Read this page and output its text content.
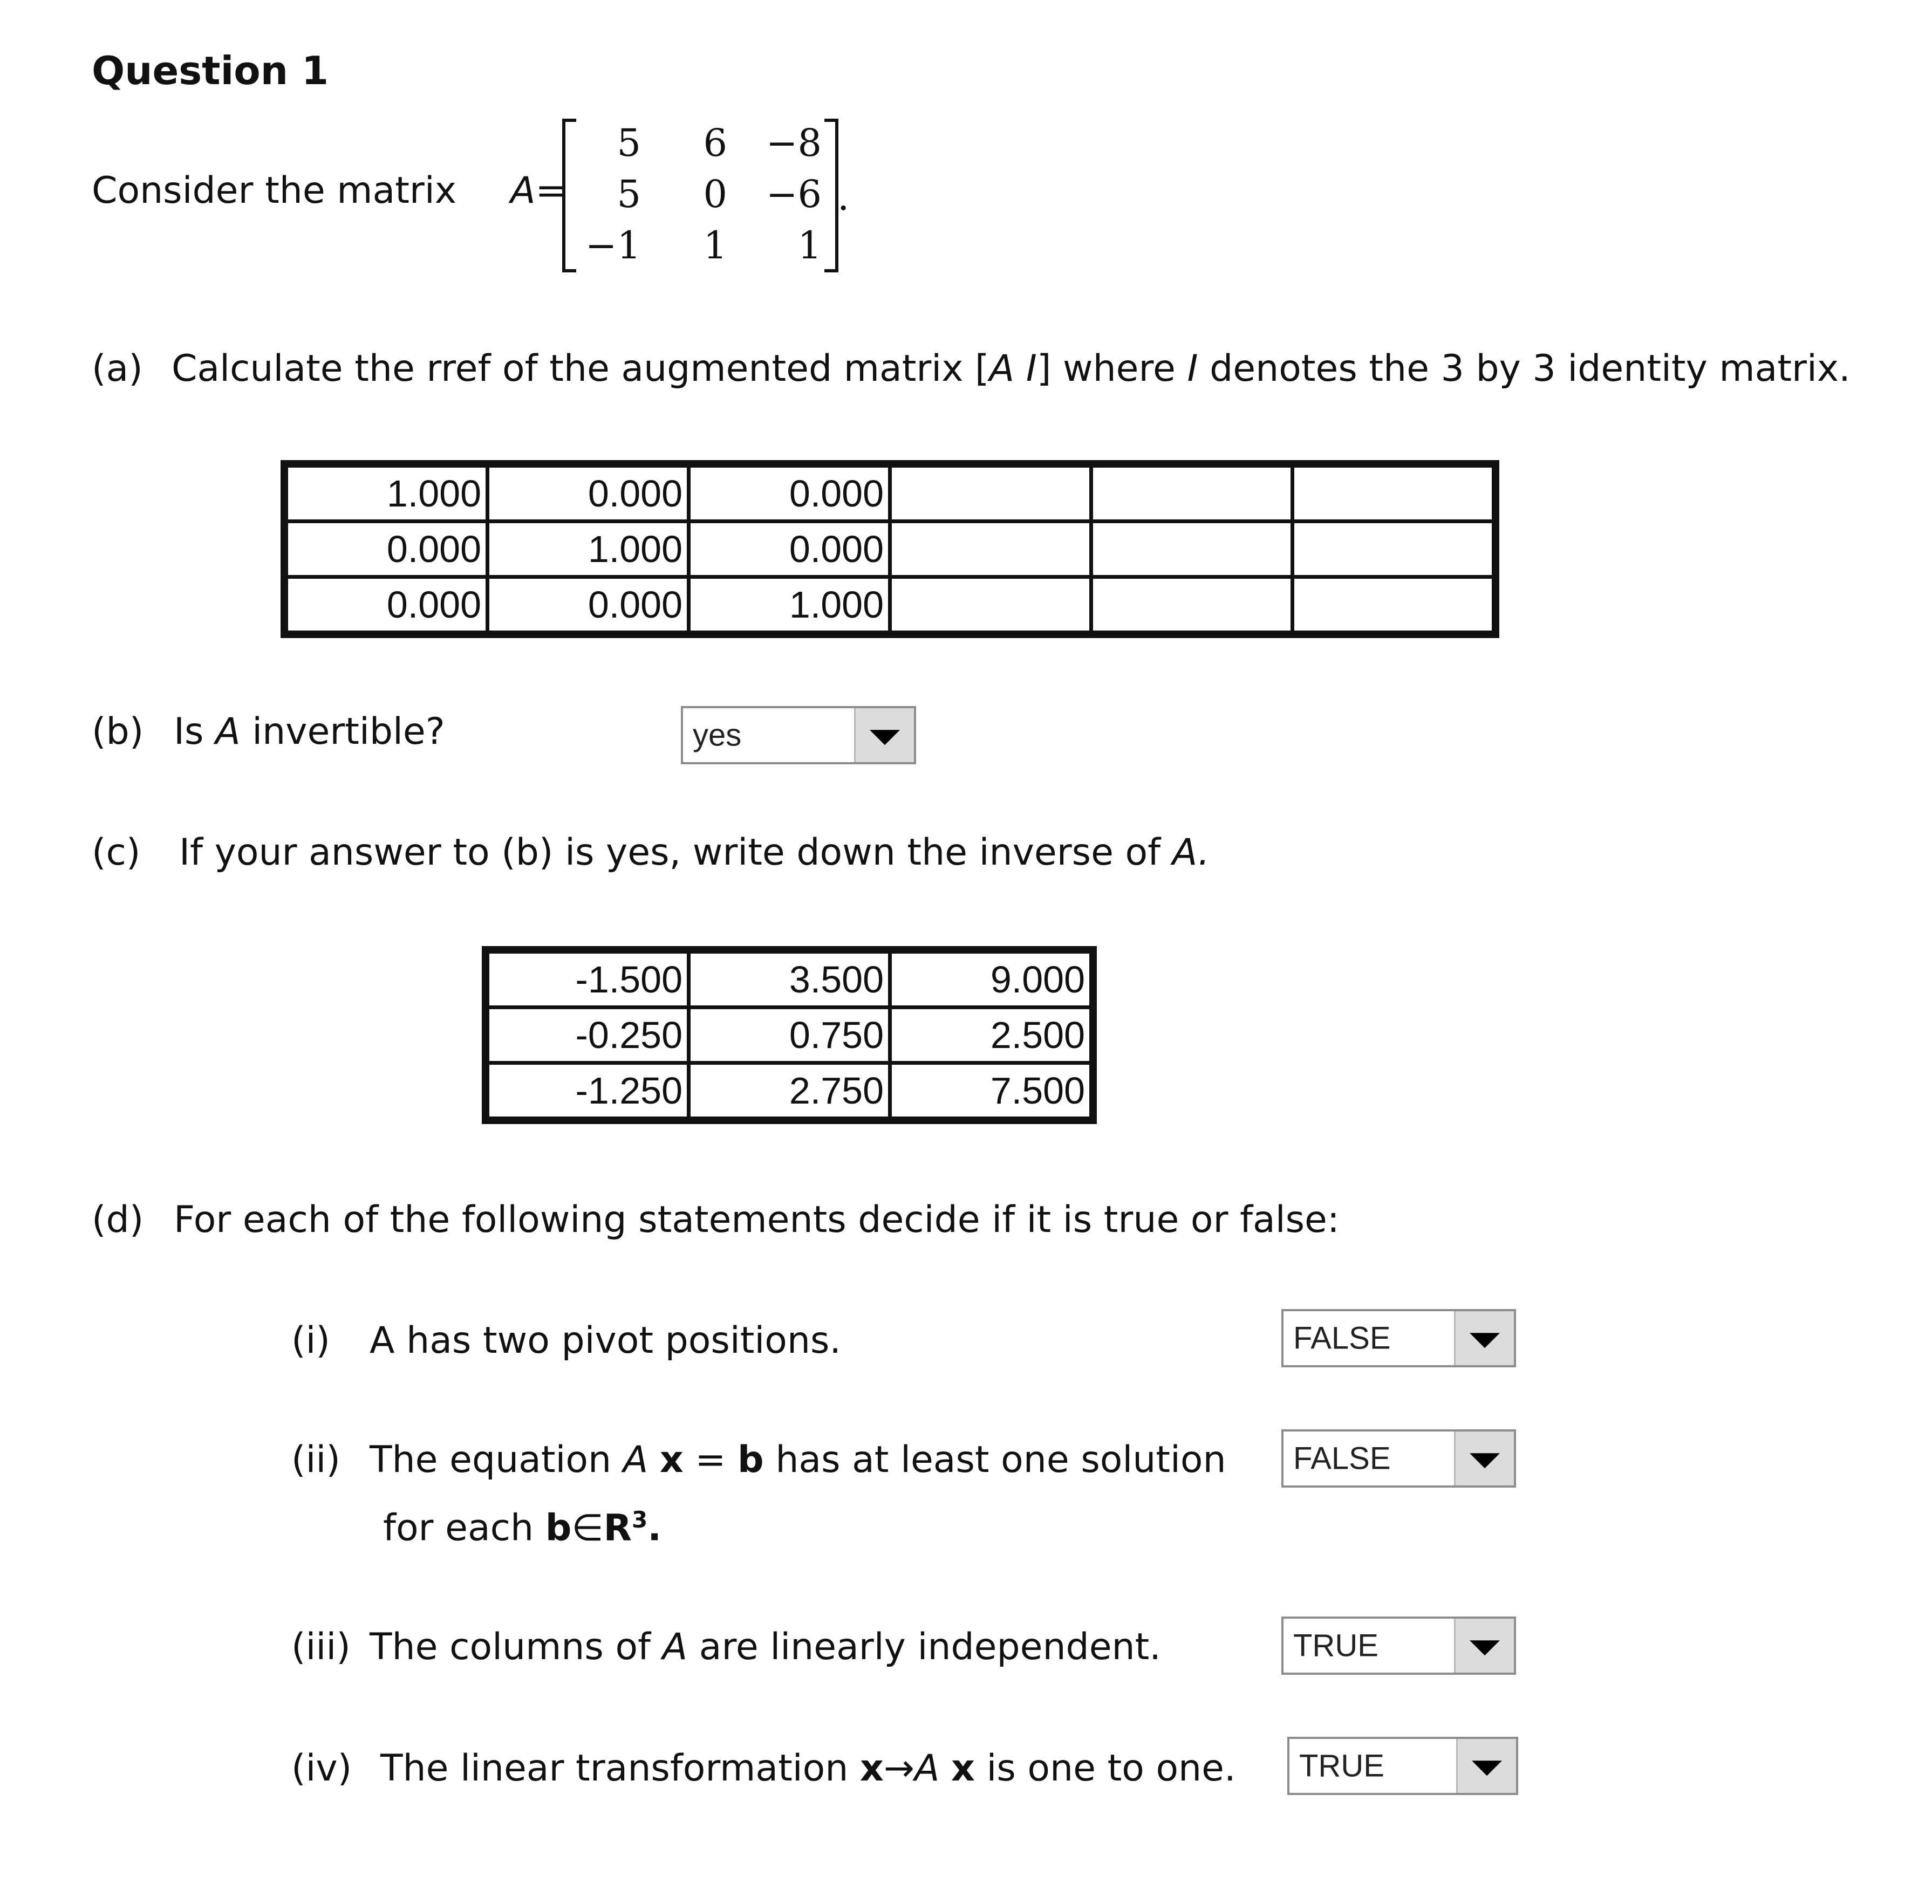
Question 1
Consider the matrix A=
5	6	−8
5	0	−6
−1	1	1
.
(a) Calculate the rref of the augmented matrix [A I] where I denotes the 3 by 3 identity matrix.
1.000	0.000	0.000			
0.000	1.000	0.000			
0.000	0.000	1.000			
(b) Is A invertible?	yes
(c) If your answer to (b) is yes, write down the inverse of A.
-1.500	3.500	9.000
-0.250	0.750	2.500
-1.250	2.750	7.500
(d) For each of the following statements decide if it is true or false:
(i) A has two pivot positions.	FALSE
(ii) The equation A x = b has at least one solution
for each $b\in R^3$.
FALSE
(iii) The columns of A are linearly independent.	TRUE
(iv) The linear transformation x→A x is one to one. TRUE
